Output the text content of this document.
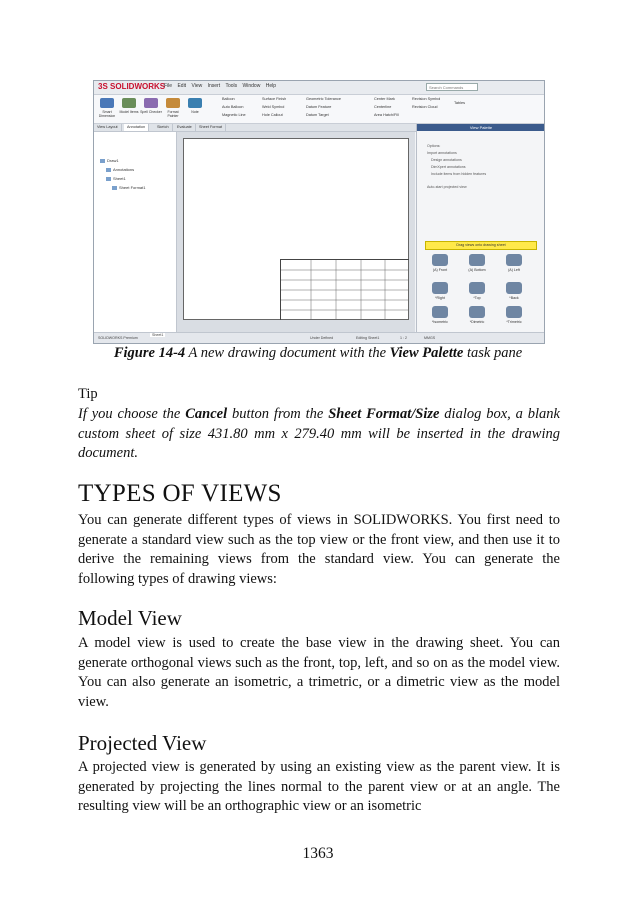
3S SOLIDWORKS
File Edit View Insert Tools Window Help	Search Commands
Smart Dimension
Model Items Spell Checker	Format Painter
Note
Balloon	Surface Finish	Geometric Tolerance
Auto Balloon	Weld Symbol	Datum Feature
Magnetic Line	Hole Callout	Datum Target
Center Mark
Centerline
Area Hatch/Fill
Revision Symbol
Revision Cloud
Tables
View Layout	Annotation	Sketch	Evaluate	Sheet Format
Draw1
Annotations
Sheet1
Sheet Format1
View Palette
Options:
Import annotations
Design annotations
DimXpert annotations
Include items from hidden features
Auto-start projected view
Drag views onto drawing sheet
(A) Front	(A) Bottom	(A) Left
*Right	*Top	*Back
*Isometric	*Dimetric	*Trimetric
SOLIDWORKS Premium
Sheet1
Under Defined	Editing Sheet1	1 : 2	MMGS
Figure 14-4 A new drawing document with the View Palette task pane
Tip
If you choose the Cancel button from the Sheet Format/Size dialog box, a blank custom sheet of size 431.80 mm x 279.40 mm will be inserted in the drawing document.
TYPES OF VIEWS
You can generate different types of views in SOLIDWORKS. You first need to generate a standard view such as the top view or the front view, and then use it to derive the remaining views from the standard view. You can generate the following types of drawing views:
Model View
A model view is used to create the base view in the drawing sheet. You can generate orthogonal views such as the front, top, left, and so on as the model view. You can also generate an isometric, a trimetric, or a dimetric view as the model view.
Projected View
A projected view is generated by using an existing view as the parent view. It is generated by projecting the lines normal to the parent view or at an angle. The resulting view will be an orthographic view or an isometric
1363
